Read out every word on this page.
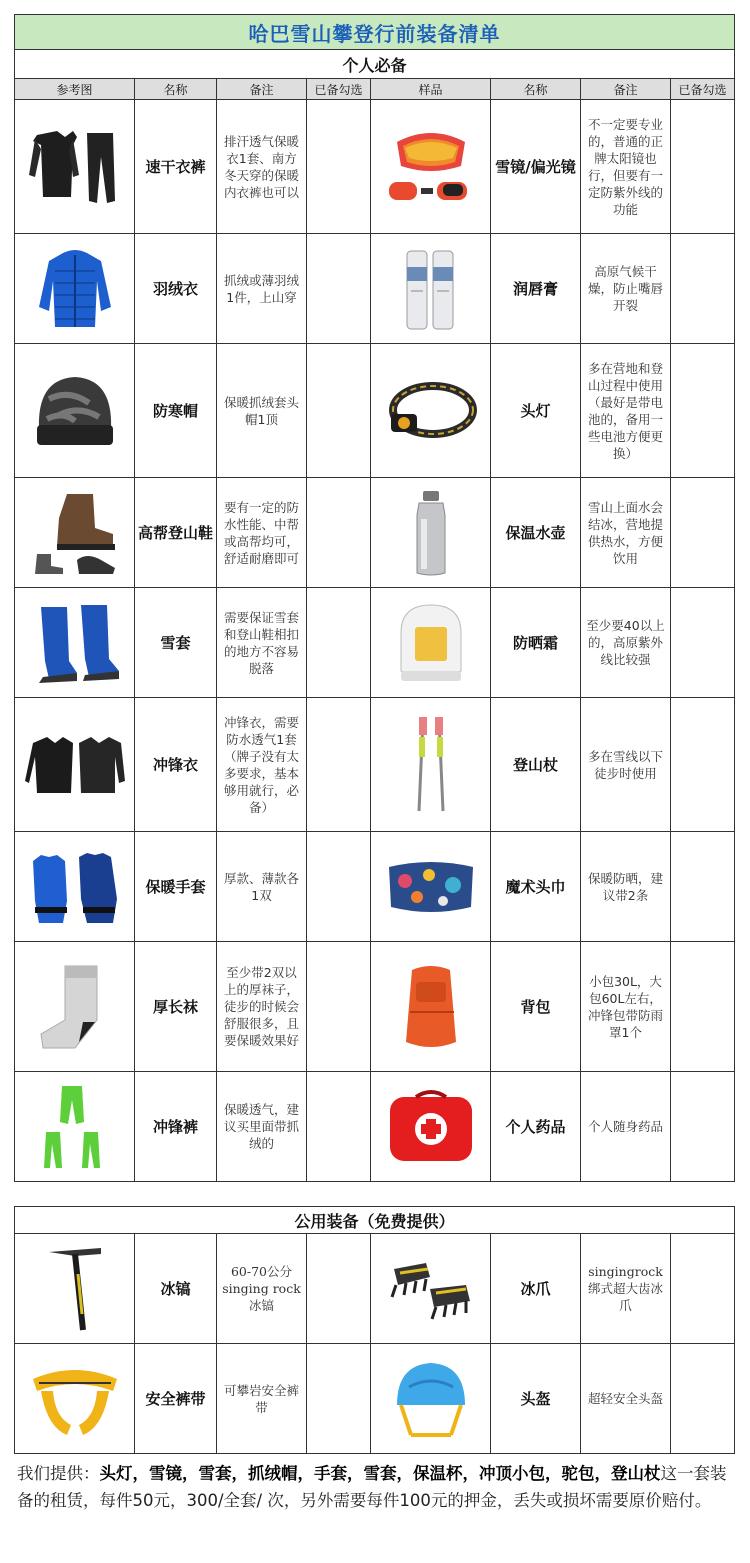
哈巴雪山攀登行前装备清单							
个人必备							
参考图	名称	备注	已备勾选	样品	名称	备注	已备勾选

	速干衣裤	排汗透气保暖衣1套、南方冬天穿的保暖内衣裤也可以			雪镜/偏光镜	不一定要专业的，普通的正牌太阳镜也行，但要有一定防紫外线的功能	

	羽绒衣	抓绒或薄羽绒1件，上山穿			润唇膏	高原气候干燥，防止嘴唇开裂	

	防寒帽	保暖抓绒套头帽1顶			头灯	多在营地和登山过程中使用（最好是带电池的，备用一些电池方便更换）	

	高帮登山鞋	要有一定的防水性能、中帮或高帮均可，舒适耐磨即可			保温水壶	雪山上面水会结冰，营地提供热水，方便饮用	

	雪套	需要保证雪套和登山鞋相扣的地方不容易脱落			防晒霜	至少要40以上的，高原紫外线比较强	

	冲锋衣	冲锋衣，需要防水透气1套（牌子没有太多要求，基本够用就行，必备）			登山杖	多在雪线以下徒步时使用	

	保暖手套	厚款、薄款各1双			魔术头巾	保暖防晒，建议带2条	

	厚长袜	至少带2双以上的厚袜子，徒步的时候会舒服很多，且要保暖效果好			背包	小包30L，大包60L左右，冲锋包带防雨罩1个	

	冲锋裤	保暖透气，建议买里面带抓绒的			个人药品	个人随身药品	
公用装备（免费提供）							

	冰镐	60-70公分singing rock冰镐			冰爪	singingrock绑式超大齿冰爪	

	安全裤带	可攀岩安全裤带			头盔	超轻安全头盔	
我们提供：头灯，雪镜，雪套，抓绒帽，手套，雪套，保温杯，冲顶小包，驼包，登山杖这一套装备的租赁，每件50元，300/全套/ 次，另外需要每件100元的押金，丢失或损坏需要原价赔付。
